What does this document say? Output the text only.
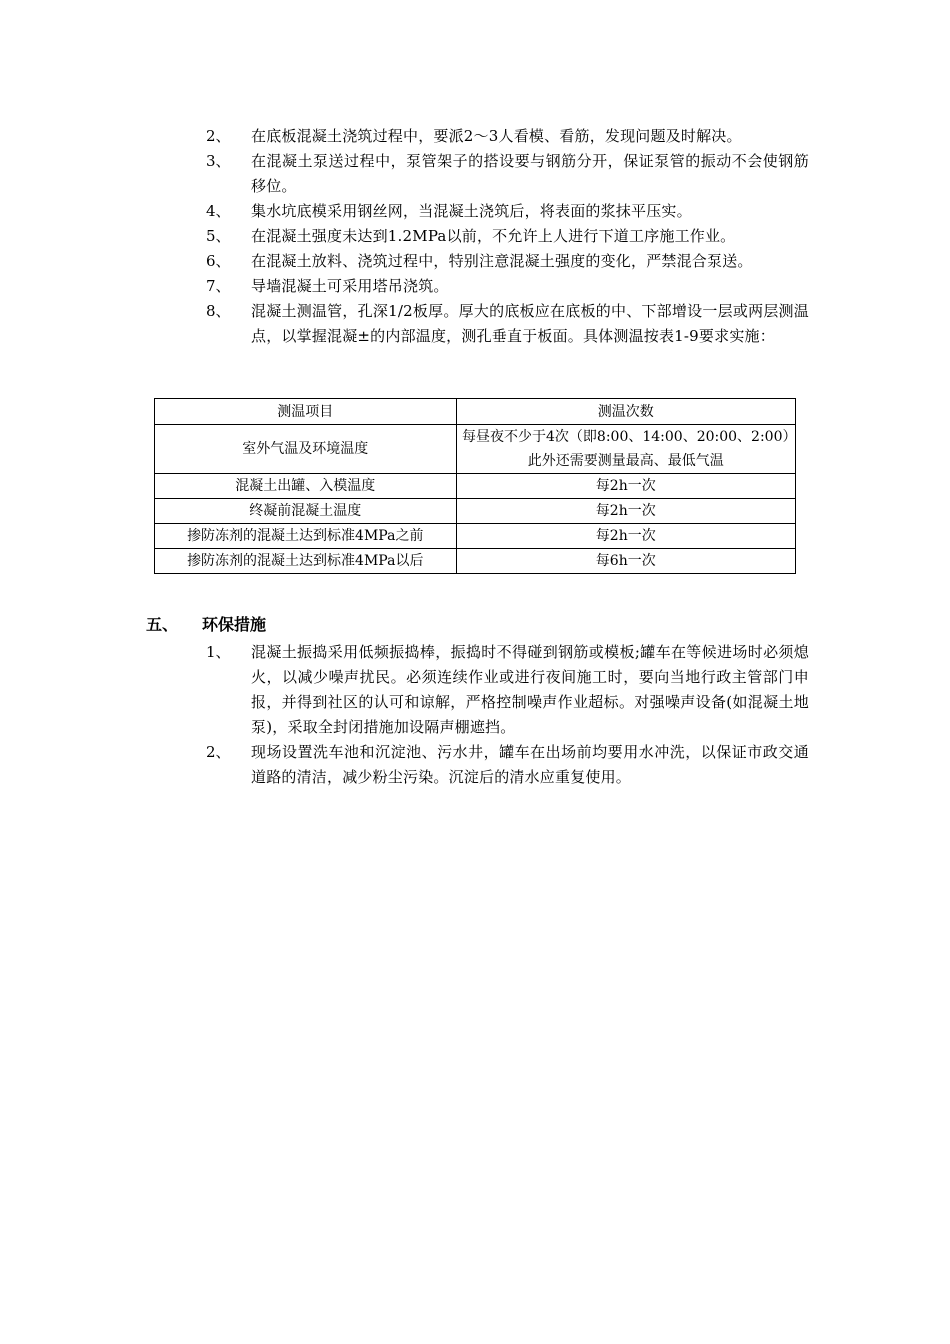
2、	在底板混凝土浇筑过程中，要派2～3人看模、看筋，发现问题及时解决。
3、	在混凝土泵送过程中，泵管架子的搭设要与钢筋分开，保证泵管的振动不会使钢筋移位。
4、	集水坑底模采用钢丝网，当混凝土浇筑后，将表面的浆抹平压实。
5、	在混凝土强度未达到1.2MPa以前，不允许上人进行下道工序施工作业。
6、	在混凝土放料、浇筑过程中，特别注意混凝土强度的变化，严禁混合泵送。
7、	导墙混凝土可采用塔吊浇筑。
8、	混凝土测温管，孔深1/2板厚。厚大的底板应在底板的中、下部增设一层或两层测温点，以掌握混凝±的内部温度，测孔垂直于板面。具体测温按表1-9要求实施：
测温项目	测温次数
室外气温及环境温度	每昼夜不少于4次（即8:00、14:00、20:00、2:00）此外还需要测量最高、最低气温
混凝土出罐、入模温度	每2h一次
终凝前混凝土温度	每2h一次
掺防冻剂的混凝土达到标准4MPa之前	每2h一次
掺防冻剂的混凝土达到标准4MPa以后	每6h一次
五、 环保措施
1、	混凝土振捣采用低频振捣棒，振捣时不得碰到钢筋或模板;罐车在等候进场时必须熄火，以减少噪声扰民。必须连续作业或进行夜间施工时，要向当地行政主管部门申报，并得到社区的认可和谅解，严格控制噪声作业超标。对强噪声设备(如混凝土地泵)，采取全封闭措施加设隔声棚遮挡。
2、	现场设置洗车池和沉淀池、污水井，罐车在出场前均要用水冲洗，以保证市政交通道路的清洁，减少粉尘污染。沉淀后的清水应重复使用。
